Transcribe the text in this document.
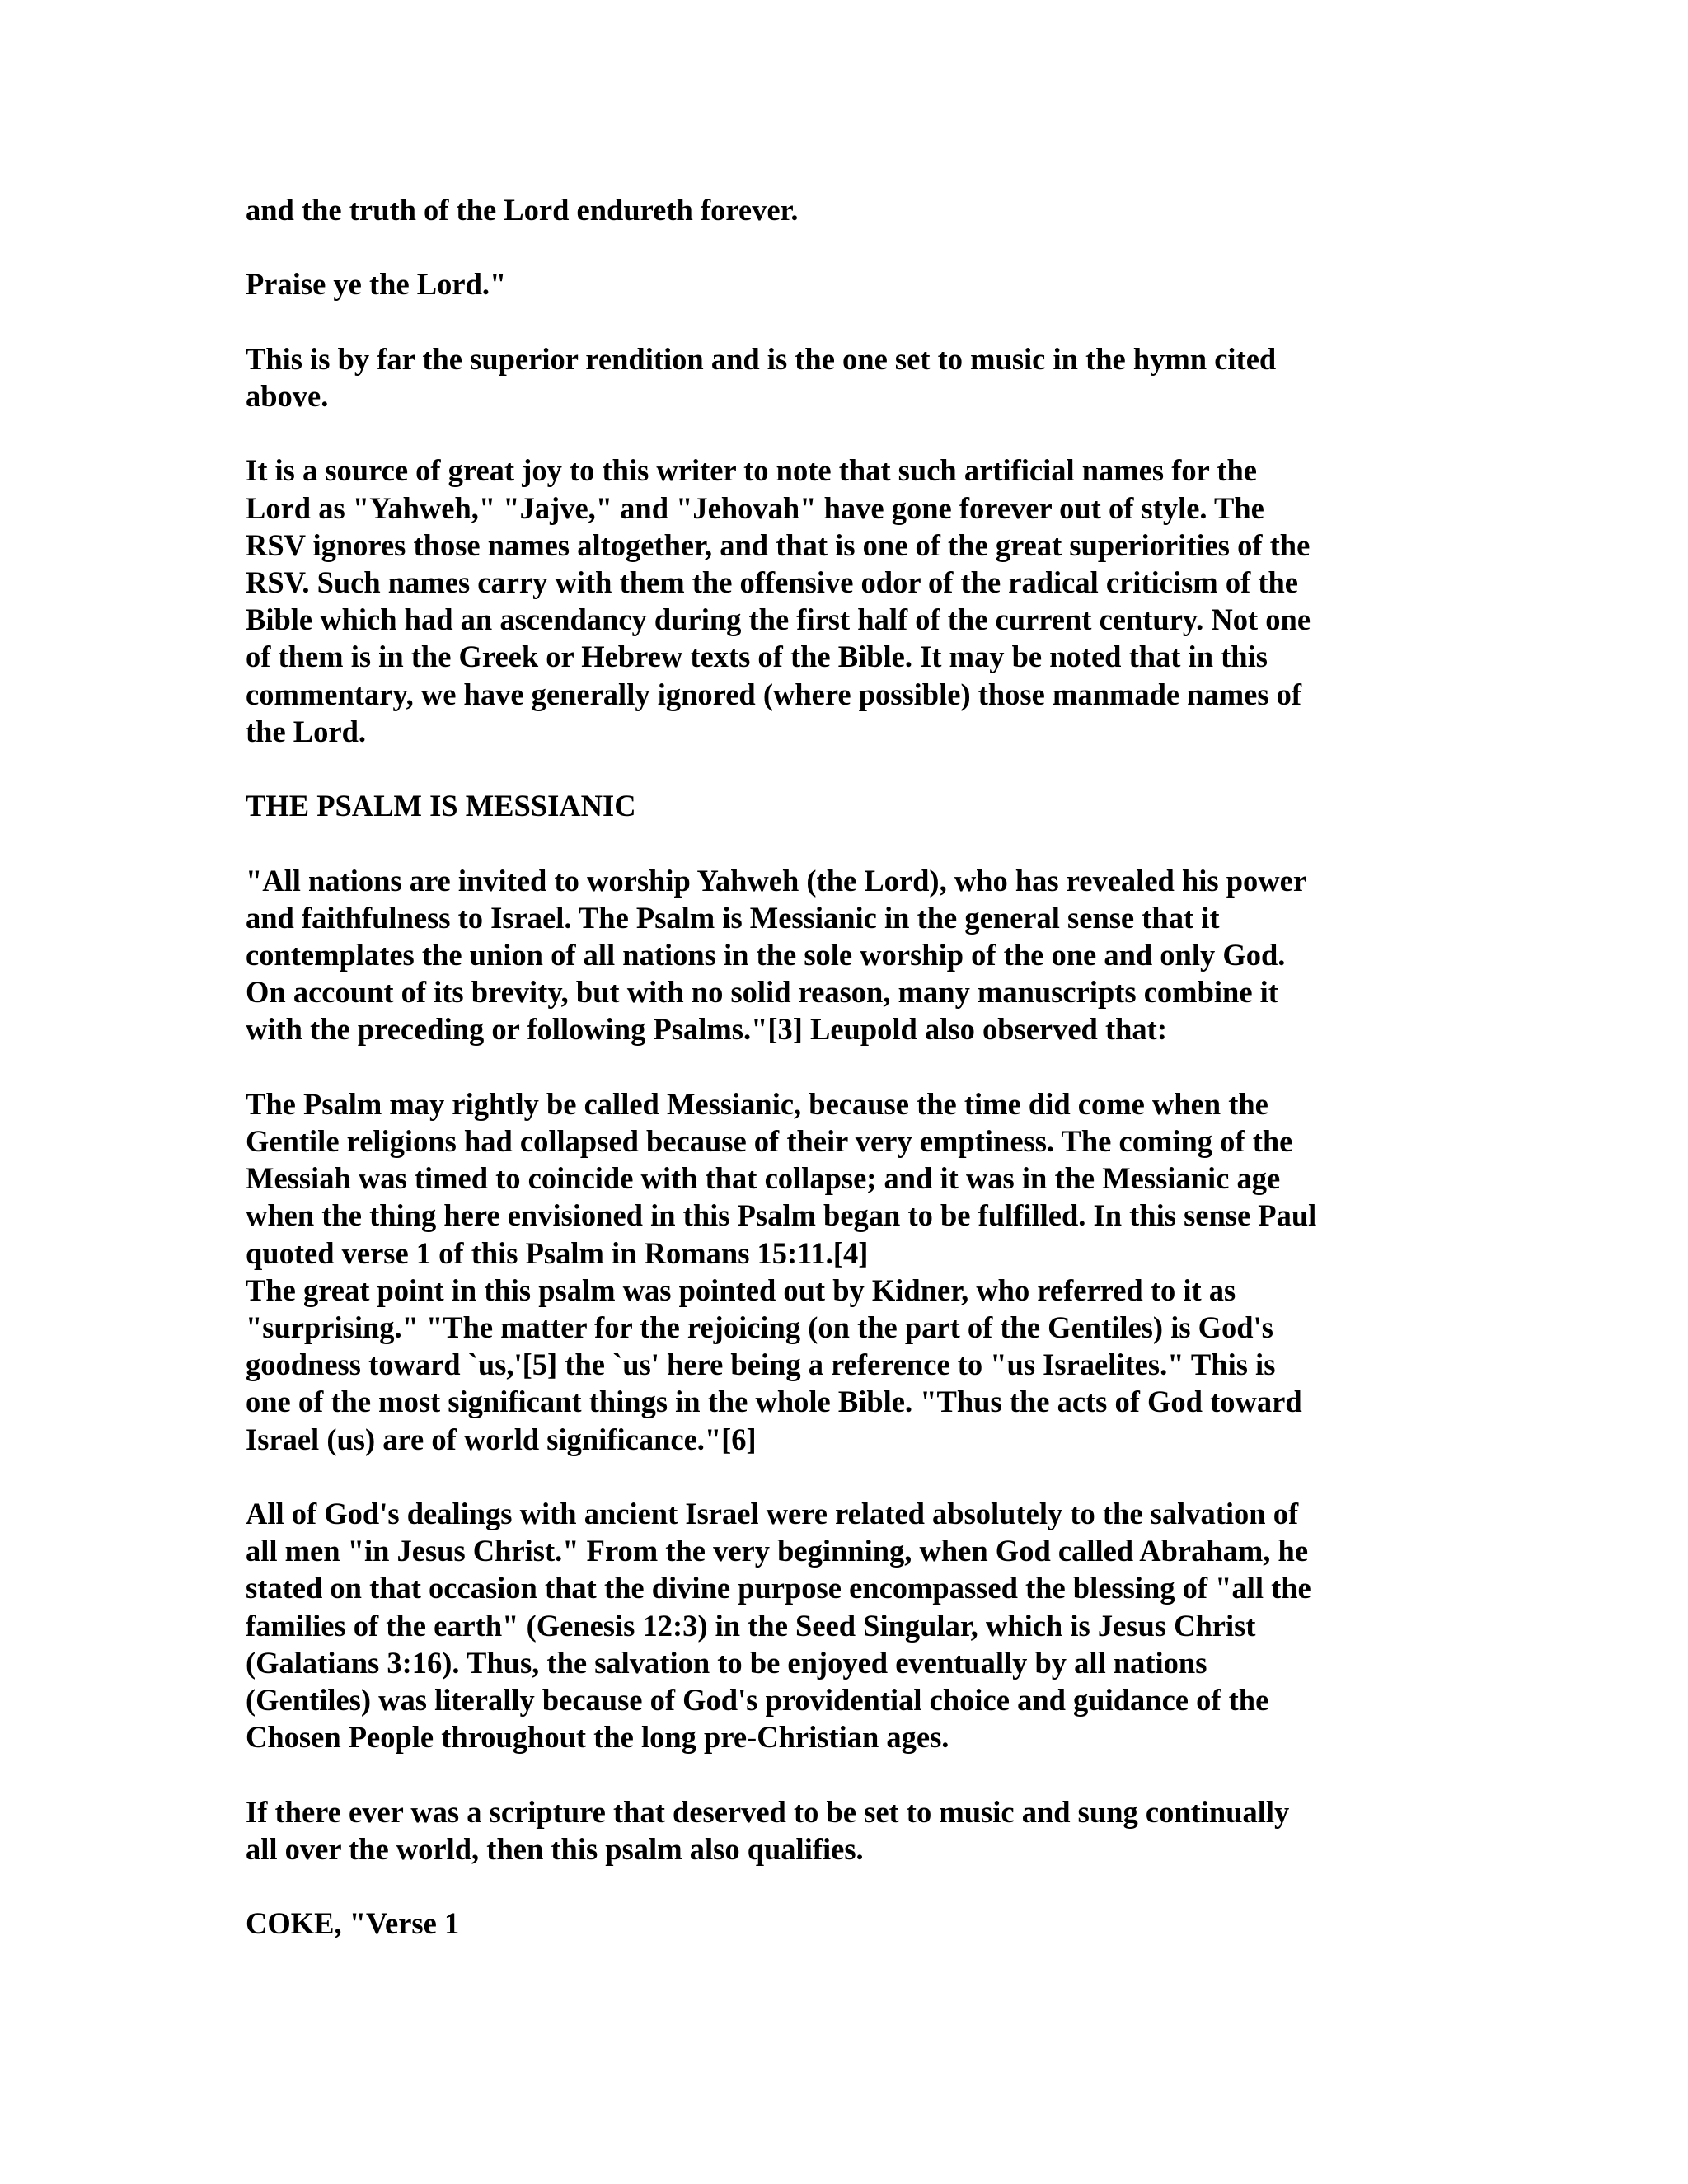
and the truth of the Lord endureth forever.

Praise ye the Lord."

This is by far the superior rendition and is the one set to music in the hymn cited
above.

It is a source of great joy to this writer to note that such artificial names for the
Lord as "Yahweh," "Jajve," and "Jehovah" have gone forever out of style. The
RSV ignores those names altogether, and that is one of the great superiorities of the
RSV. Such names carry with them the offensive odor of the radical criticism of the
Bible which had an ascendancy during the first half of the current century. Not one
of them is in the Greek or Hebrew texts of the Bible. It may be noted that in this
commentary, we have generally ignored (where possible) those manmade names of
the Lord.

THE PSALM IS MESSIANIC

"All nations are invited to worship Yahweh (the Lord), who has revealed his power
and faithfulness to Israel. The Psalm is Messianic in the general sense that it
contemplates the union of all nations in the sole worship of the one and only God.
On account of its brevity, but with no solid reason, many manuscripts combine it
with the preceding or following Psalms."[3] Leupold also observed that:

The Psalm may rightly be called Messianic, because the time did come when the
Gentile religions had collapsed because of their very emptiness. The coming of the
Messiah was timed to coincide with that collapse; and it was in the Messianic age
when the thing here envisioned in this Psalm began to be fulfilled. In this sense Paul
quoted verse 1 of this Psalm in Romans 15:11.[4]

The great point in this psalm was pointed out by Kidner, who referred to it as
"surprising." "The matter for the rejoicing (on the part of the Gentiles) is God's
goodness toward `us,'[5] the `us' here being a reference to "us Israelites." This is
one of the most significant things in the whole Bible. "Thus the acts of God toward
Israel (us) are of world significance."[6]

All of God's dealings with ancient Israel were related absolutely to the salvation of
all men "in Jesus Christ." From the very beginning, when God called Abraham, he
stated on that occasion that the divine purpose encompassed the blessing of "all the
families of the earth" (Genesis 12:3) in the Seed Singular, which is Jesus Christ
(Galatians 3:16). Thus, the salvation to be enjoyed eventually by all nations
(Gentiles) was literally because of God's providential choice and guidance of the
Chosen People throughout the long pre-Christian ages.

If there ever was a scripture that deserved to be set to music and sung continually
all over the world, then this psalm also qualifies.

COKE, "Verse 1
